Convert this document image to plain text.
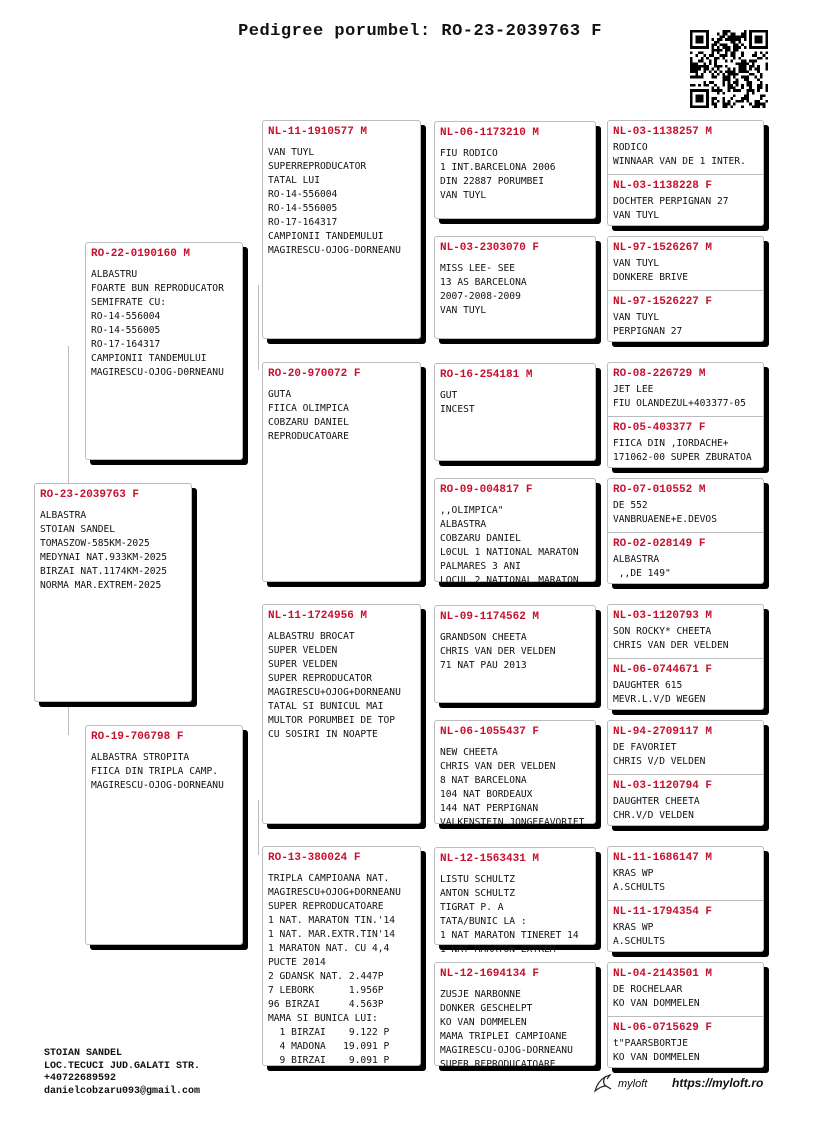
Pedigree porumbel: RO-23-2039763 F
RO-23-2039763 F
ALBASTRA
STOIAN SANDEL
TOMASZOW-585KM-2025
MEDYNAI NAT.933KM-2025
BIRZAI NAT.1174KM-2025
NORMA MAR.EXTREM-2025
RO-22-0190160 M
ALBASTRU
FOARTE BUN REPRODUCATOR
SEMIFRATE CU:
RO-14-556004
RO-14-556005
RO-17-164317
CAMPIONII TANDEMULUI
MAGIRESCU-OJOG-D0RNEANU
RO-19-706798 F
ALBASTRA STROPITA
FIICA DIN TRIPLA CAMP.
MAGIRESCU-OJOG-DORNEANU
NL-11-1910577 M
VAN TUYL
SUPERREPRODUCATOR
TATAL LUI
RO-14-556004
RO-14-556005
RO-17-164317
CAMPIONII TANDEMULUI
MAGIRESCU-OJOG-DORNEANU
RO-20-970072 F
GUTA
FIICA OLIMPICA
COBZARU DANIEL
REPRODUCATOARE
NL-11-1724956 M
ALBASTRU BROCAT
SUPER VELDEN
SUPER VELDEN
SUPER REPRODUCATOR
MAGIRESCU+OJOG+DORNEANU
TATAL SI BUNICUL MAI
MULTOR PORUMBEI DE TOP
CU SOSIRI IN NOAPTE
RO-13-380024 F
TRIPLA CAMPIOANA NAT.
MAGIRESCU+OJOG+DORNEANU
SUPER REPRODUCATOARE
1 NAT. MARATON TIN.'14
1 NAT. MAR.EXTR.TIN'14
1 MARATON NAT. CU 4,4
PUCTE 2014
2 GDANSK NAT. 2.447P
7 LEBORK      1.956P
96 BIRZAI     4.563P
MAMA SI BUNICA LUI:
1 BIRZAI    9.122 P
4 MADONA   19.091 P
9 BIRZAI    9.091 P
NL-06-1173210 M
FIU RODICO
1 INT.BARCELONA 2006
DIN 22887 PORUMBEI
VAN TUYL
NL-03-2303070 F
MISS LEE- SEE
13 AS BARCELONA
2007-2008-2009
VAN TUYL
RO-16-254181 M
GUT
INCEST
RO-09-004817 F
,,OLIMPICA"
ALBASTRA
COBZARU DANIEL
L0CUL 1 NATIONAL MARATON
PALMARES 3 ANI
LOCUL 2 NATIONAL MARATON
NL-09-1174562 M
GRANDSON CHEETA
CHRIS VAN DER VELDEN
71 NAT PAU 2013
NL-06-1055437 F
NEW CHEETA
CHRIS VAN DER VELDEN
8 NAT BARCELONA
104 NAT BORDEAUX
144 NAT PERPIGNAN
VALKENSTEIN JONGEFAVORIET
NL-12-1563431 M
LISTU SCHULTZ
ANTON SCHULTZ
TIGRAT P. A
TATA/BUNIC LA :
1 NAT MARATON TINERET 14
1 NAT MARATON EXTREM
NL-12-1694134 F
ZUSJE NARBONNE
DONKER GESCHELPT
KO VAN DOMMELEN
MAMA TRIPLEI CAMPIOANE
MAGIRESCU-OJOG-DORNEANU
SUPER REPRODUCATOARE
NL-03-1138257 M
RODICO
WINNAAR VAN DE 1 INTER.
NL-03-1138228 F
DOCHTER PERPIGNAN 27
VAN TUYL
NL-97-1526267 M
VAN TUYL
DONKERE BRIVE
NL-97-1526227 F
VAN TUYL
PERPIGNAN 27
RO-08-226729 M
JET LEE
FIU OLANDEZUL+403377-05
RO-05-403377 F
FIICA DIN ,IORDACHE+
171062-00 SUPER ZBURATOA
RO-07-010552 M
DE 552
VANBRUAENE+E.DEVOS
RO-02-028149 F
ALBASTRA
,,DE 149"
NL-03-1120793 M
SON ROCKY* CHEETA
CHRIS VAN DER VELDEN
NL-06-0744671 F
DAUGHTER 615
MEVR.L.V/D WEGEN
NL-94-2709117 M
DE FAVORIET
CHRIS V/D VELDEN
NL-03-1120794 F
DAUGHTER CHEETA
CHR.V/D VELDEN
NL-11-1686147 M
KRAS WP
A.SCHULTS
NL-11-1794354 F
KRAS WP
A.SCHULTS
NL-04-2143501 M
DE ROCHELAAR
KO VAN DOMMELEN
NL-06-0715629 F
t"PAARSBORTJE
KO VAN DOMMELEN
STOIAN SANDEL
LOC.TECUCI JUD.GALATI STR.
+40722689592
danielcobzaru093@gmail.com
myloft https://myloft.ro
